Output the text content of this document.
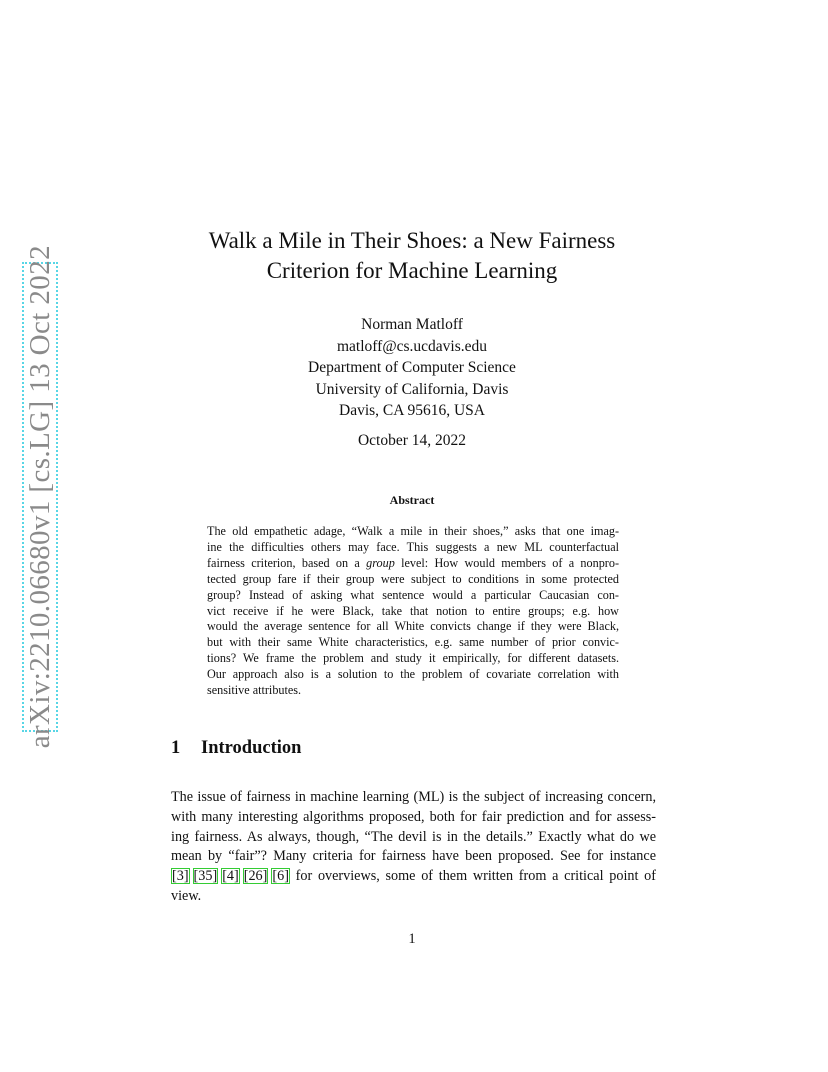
arXiv:2210.06680v1 [cs.LG] 13 Oct 2022
Walk a Mile in Their Shoes: a New Fairness
Criterion for Machine Learning
Norman Matloff
matloff@cs.ucdavis.edu
Department of Computer Science
University of California, Davis
Davis, CA 95616, USA
October 14, 2022
Abstract
The old empathetic adage, “Walk a mile in their shoes,” asks that one imag-
ine the difficulties others may face. This suggests a new ML counterfactual
fairness criterion, based on a group level: How would members of a nonpro-
tected group fare if their group were subject to conditions in some protected
group? Instead of asking what sentence would a particular Caucasian con-
vict receive if he were Black, take that notion to entire groups; e.g. how
would the average sentence for all White convicts change if they were Black,
but with their same White characteristics, e.g. same number of prior convic-
tions? We frame the problem and study it empirically, for different datasets.
Our approach also is a solution to the problem of covariate correlation with
sensitive attributes.
1 Introduction
The issue of fairness in machine learning (ML) is the subject of increasing concern,
with many interesting algorithms proposed, both for fair prediction and for assess-
ing fairness. As always, though, “The devil is in the details.” Exactly what do we
mean by “fair”? Many criteria for fairness have been proposed. See for instance
[3] [35] [4] [26] [6] for overviews, some of them written from a critical point of
view.
1
